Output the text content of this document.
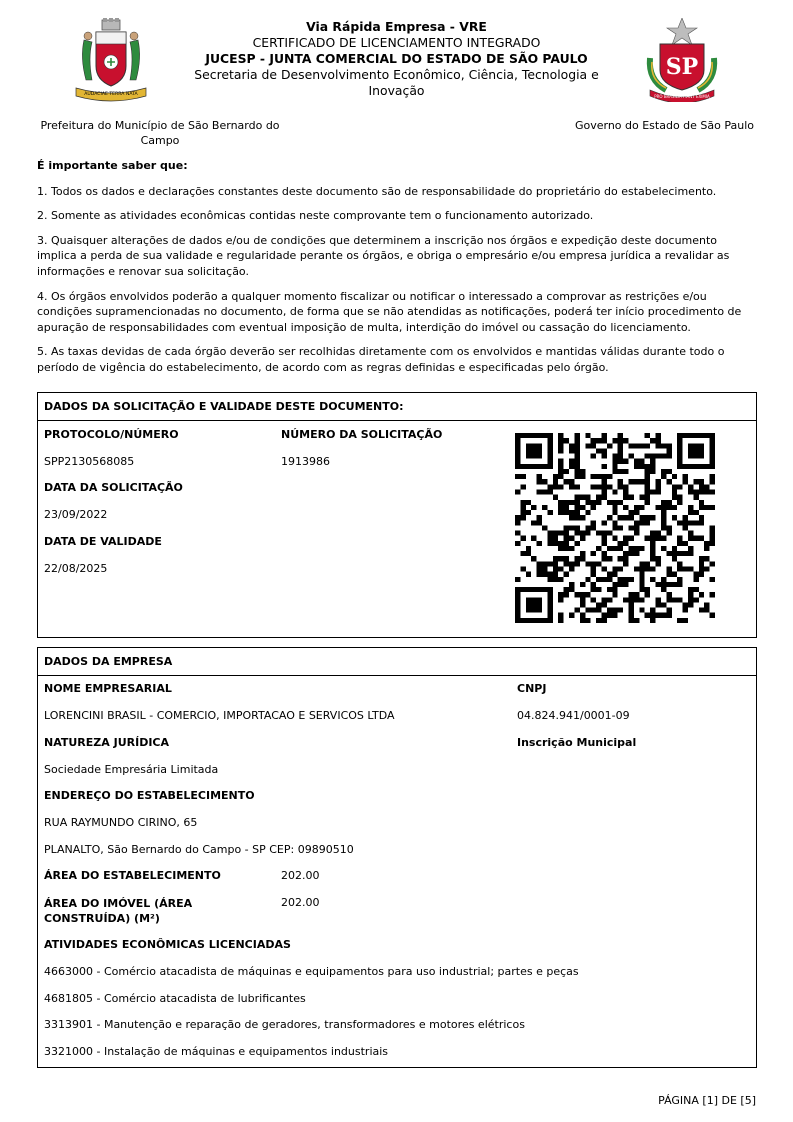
AUDACIAE TERRA NATA
Via Rápida Empresa - VRE
CERTIFICADO DE LICENCIAMENTO INTEGRADO
JUCESP - JUNTA COMERCIAL DO ESTADO DE SÃO PAULO
Secretaria de Desenvolvimento Econômico, Ciência, Tecnologia e Inovação
SP
PRO BRASILIA FIANT EXIMIA
Prefeitura do Município de São Bernardo do Campo
Governo do Estado de São Paulo
É importante saber que:
1. Todos os dados e declarações constantes deste documento são de responsabilidade do proprietário do estabelecimento.
2. Somente as atividades econômicas contidas neste comprovante tem o funcionamento autorizado.
3. Quaisquer alterações de dados e/ou de condições que determinem a inscrição nos órgãos e expedição deste documento implica a perda de sua validade e regularidade perante os órgãos, e obriga o empresário e/ou empresa jurídica a revalidar as informações e renovar sua solicitação.
4. Os órgãos envolvidos poderão a qualquer momento fiscalizar ou notificar o interessado a comprovar as restrições e/ou condições supramencionadas no documento, de forma que se não atendidas as notificações, poderá ter início procedimento de apuração de responsabilidades com eventual imposição de multa, interdição do imóvel ou cassação do licenciamento.
5. As taxas devidas de cada órgão deverão ser recolhidas diretamente com os envolvidos e mantidas válidas durante todo o período de vigência do estabelecimento, de acordo com as regras definidas e especificadas pelo órgão.
DADOS DA SOLICITAÇÃO E VALIDADE DESTE DOCUMENTO:
PROTOCOLO/NÚMERO
SPP2130568085
NÚMERO DA SOLICITAÇÃO
1913986
DATA DA SOLICITAÇÃO
23/09/2022
DATA DE VALIDADE
22/08/2025
DADOS DA EMPRESA
NOME EMPRESARIAL
LORENCINI BRASIL - COMERCIO, IMPORTACAO E SERVICOS LTDA
CNPJ
04.824.941/0001-09
NATUREZA JURÍDICA
Sociedade Empresária Limitada
Inscrição Municipal
ENDEREÇO DO ESTABELECIMENTO
RUA RAYMUNDO CIRINO, 65
PLANALTO, São Bernardo do Campo - SP CEP: 09890510
ÁREA DO ESTABELECIMENTO	202.00
ÁREA DO IMÓVEL (ÁREA CONSTRUÍDA) (M²)
202.00
ATIVIDADES ECONÔMICAS LICENCIADAS
4663000 - Comércio atacadista de máquinas e equipamentos para uso industrial; partes e peças
4681805 - Comércio atacadista de lubrificantes
3313901 - Manutenção e reparação de geradores, transformadores e motores elétricos
3321000 - Instalação de máquinas e equipamentos industriais
PÁGINA [1] DE [5]
